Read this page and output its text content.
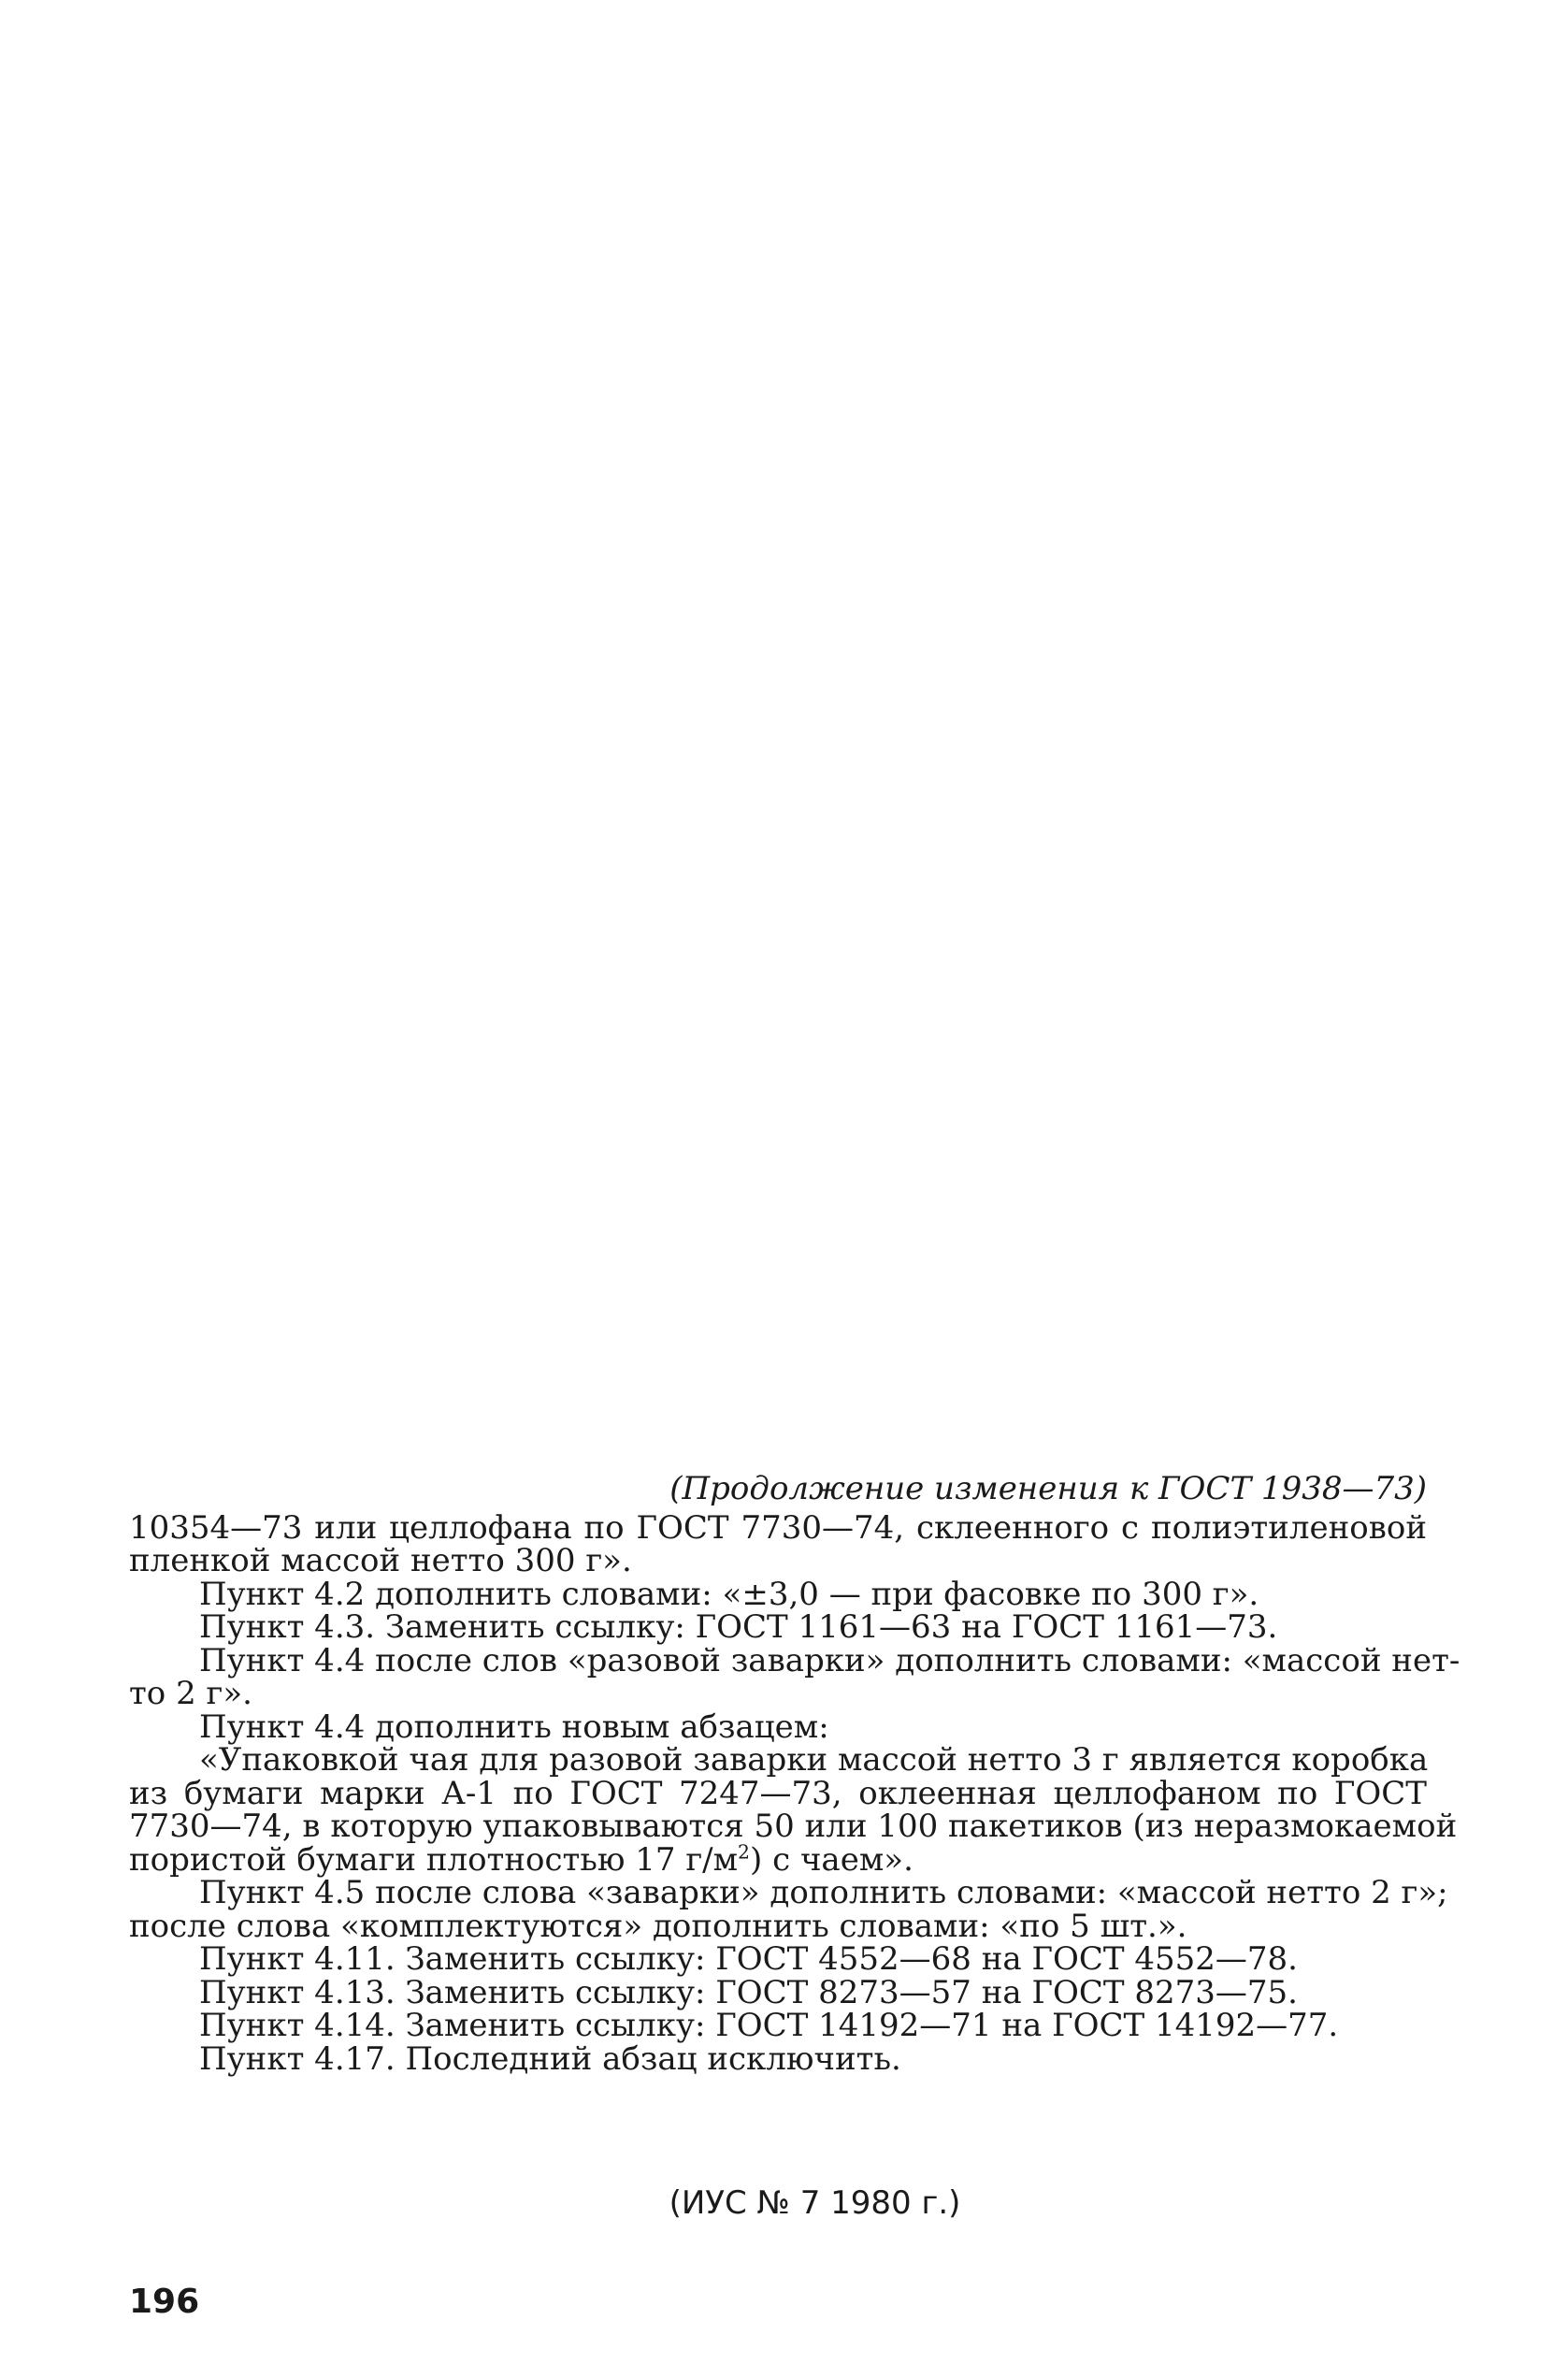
(Продолжение изменения к ГОСТ 1938—73)
10354—73 или целлофана по ГОСТ 7730—74, склеенного с полиэтиленовой
пленкой массой нетто 300 г».
Пункт 4.2 дополнить словами: «±3,0 — при фасовке по 300 г».
Пункт 4.3. Заменить ссылку: ГОСТ 1161—63 на ГОСТ 1161—73.
Пункт 4.4 после слов «разовой заварки» дополнить словами: «массой нет-
то 2 г».
Пункт 4.4 дополнить новым абзацем:
«Упаковкой чая для разовой заварки массой нетто 3 г является коробка
из бумаги марки А-1 по ГОСТ 7247—73, оклеенная целлофаном по ГОСТ
7730—74, в которую упаковываются 50 или 100 пакетиков (из неразмокаемой
пористой бумаги плотностью 17 $г/м^2$) с чаем».
Пункт 4.5 после слова «заварки» дополнить словами: «массой нетто 2 г»;
после слова «комплектуются» дополнить словами: «по 5 шт.».
Пункт 4.11. Заменить ссылку: ГОСТ 4552—68 на ГОСТ 4552—78.
Пункт 4.13. Заменить ссылку: ГОСТ 8273—57 на ГОСТ 8273—75.
Пункт 4.14. Заменить ссылку: ГОСТ 14192—71 на ГОСТ 14192—77.
Пункт 4.17. Последний абзац исключить.
(ИУС № 7 1980 г.)
196
